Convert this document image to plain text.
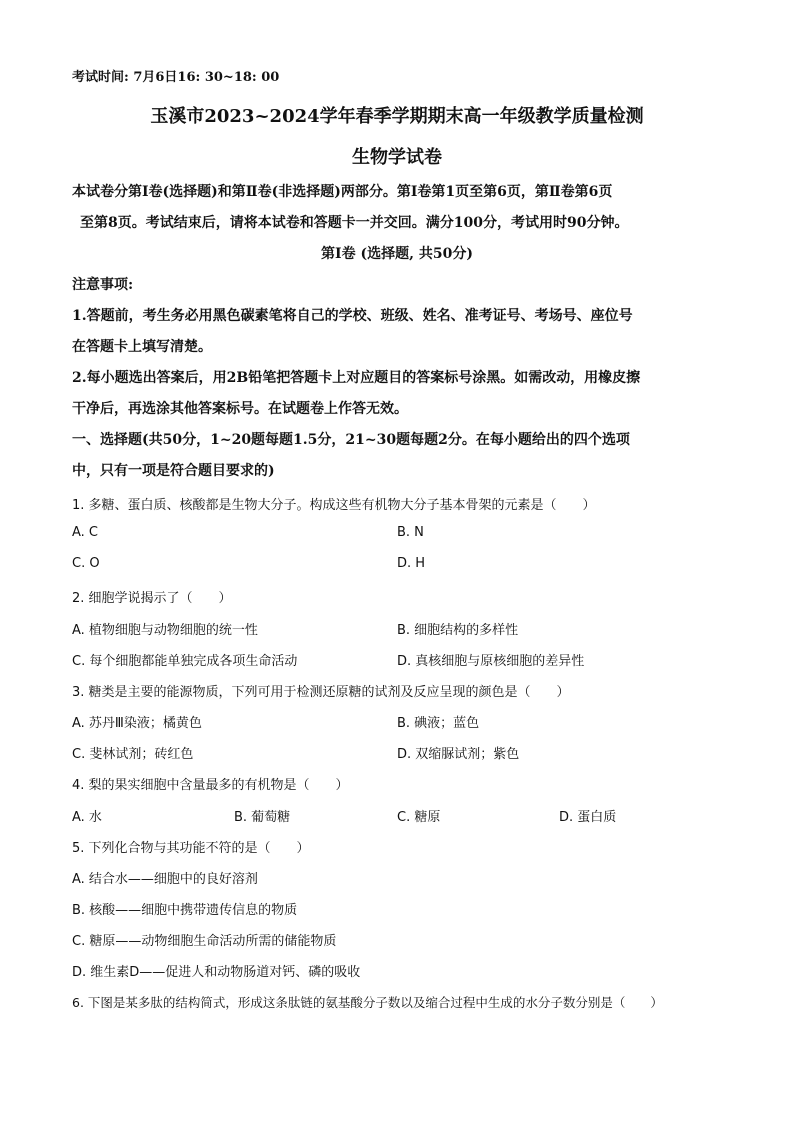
考试时间: 7月6日16: 30~18: 00
玉溪市2023~2024学年春季学期期末高一年级教学质量检测
生物学试卷
本试卷分第Ⅰ卷(选择题)和第Ⅱ卷(非选择题)两部分。第Ⅰ卷第1页至第6页，第Ⅱ卷第6页
至第8页。考试结束后，请将本试卷和答题卡一并交回。满分100分，考试用时90分钟。
第Ⅰ卷 (选择题, 共50分)
注意事项:
1.答题前，考生务必用黑色碳素笔将自己的学校、班级、姓名、准考证号、考场号、座位号
在答题卡上填写清楚。
2.每小题选出答案后，用2B铅笔把答题卡上对应题目的答案标号涂黑。如需改动，用橡皮擦
干净后，再选涂其他答案标号。在试题卷上作答无效。
一、选择题(共50分，1~20题每题1.5分，21~30题每题2分。在每小题给出的四个选项
中，只有一项是符合题目要求的)
1. 多糖、蛋白质、核酸都是生物大分子。构成这些有机物大分子基本骨架的元素是（　　）
A. C	B. N
C. O	D. H
2. 细胞学说揭示了（　　）
A. 植物细胞与动物细胞的统一性	B. 细胞结构的多样性
C. 每个细胞都能单独完成各项生命活动	D. 真核细胞与原核细胞的差异性
3. 糖类是主要的能源物质，下列可用于检测还原糖的试剂及反应呈现的颜色是（　　）
A. 苏丹Ⅲ染液；橘黄色	B. 碘液；蓝色
C. 斐林试剂；砖红色	D. 双缩脲试剂；紫色
4. 梨的果实细胞中含量最多的有机物是（　　）
A. 水	B. 葡萄糖	C. 糖原	D. 蛋白质
5. 下列化合物与其功能不符的是（　　）
A. 结合水——细胞中的良好溶剂
B. 核酸——细胞中携带遗传信息的物质
C. 糖原——动物细胞生命活动所需的储能物质
D. 维生素D——促进人和动物肠道对钙、磷的吸收
6. 下图是某多肽的结构简式，形成这条肽链的氨基酸分子数以及缩合过程中生成的水分子数分别是（　　）
